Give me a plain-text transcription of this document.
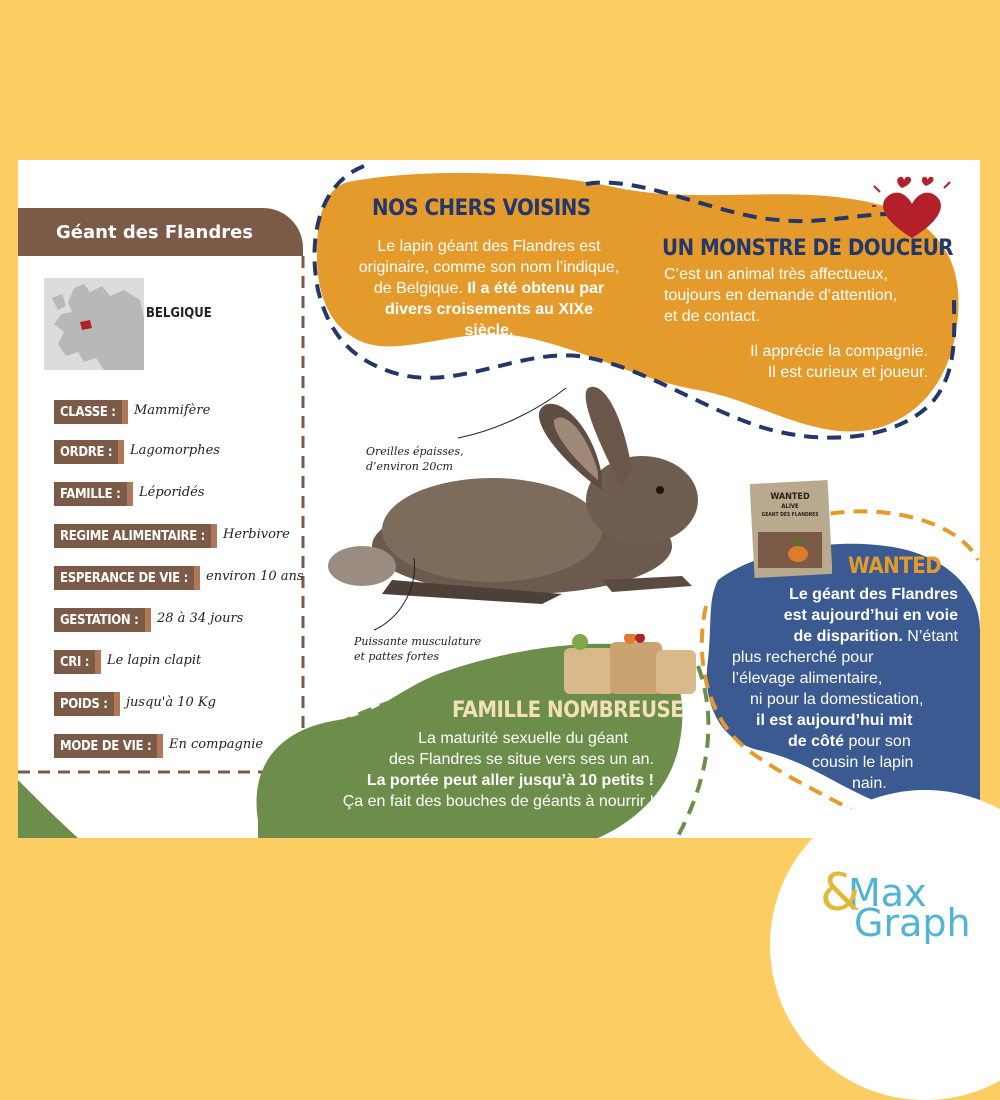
Géant des Flandres
BELGIQUE
CLASSE :	Mammifère
ORDRE :	Lagomorphes
FAMILLE :	Léporidés
REGIME ALIMENTAIRE :	Herbivore
ESPERANCE DE VIE :	environ 10 ans
GESTATION :	28 à 34 jours
CRI :	Le lapin clapit
POIDS :	jusqu'à 10 Kg
MODE DE VIE :	En compagnie
NOS CHERS VOISINS
Le lapin géant des Flandres est
originaire, comme son nom l’indique,
de Belgique. Il a été obtenu par
divers croisements au XIXe
siècle.
UN MONSTRE DE DOUCEUR
C’est un animal très affectueux,
toujours en demande d’attention,
et de contact.
Il apprécie la compagnie.
Il est curieux et joueur.
Oreilles épaisses,
d’environ 20cm
Puissante musculature
et pattes fortes
WANTED
ALIVE
GEANT DES FLANDRES
WANTED
Le géant des Flandres
est aujourd’hui en voie
de disparition. N’étant
plus recherché pour
l’élevage alimentaire,
ni pour la domestication,
il est aujourd’hui mit
de côté pour son
cousin le lapin
nain.
FAMILLE NOMBREUSE
La maturité sexuelle du géant
des Flandres se situe vers ses un an.
La portée peut aller jusqu’à 10 petits !
Ça en fait des bouches de géants à nourrir !
&
Max
Graph
